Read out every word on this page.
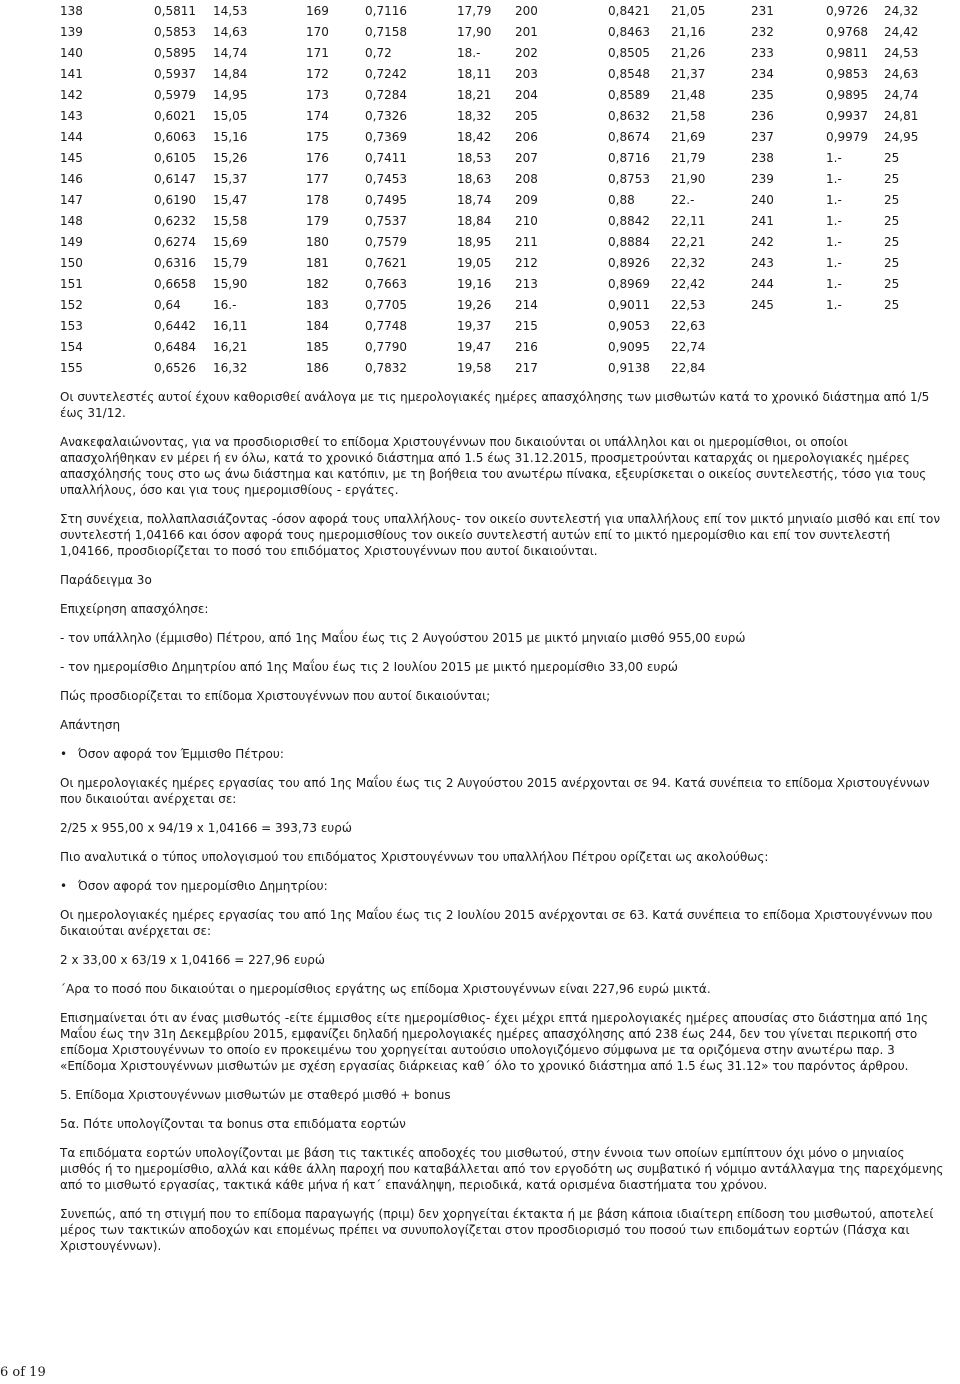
138	0,5811	14,53	169	0,7116	17,79	200	0,8421	21,05	231	0,9726	24,32
139	0,5853	14,63	170	0,7158	17,90	201	0,8463	21,16	232	0,9768	24,42
140	0,5895	14,74	171	0,72	18.-	202	0,8505	21,26	233	0,9811	24,53
141	0,5937	14,84	172	0,7242	18,11	203	0,8548	21,37	234	0,9853	24,63
142	0,5979	14,95	173	0,7284	18,21	204	0,8589	21,48	235	0,9895	24,74
143	0,6021	15,05	174	0,7326	18,32	205	0,8632	21,58	236	0,9937	24,81
144	0,6063	15,16	175	0,7369	18,42	206	0,8674	21,69	237	0,9979	24,95
145	0,6105	15,26	176	0,7411	18,53	207	0,8716	21,79	238	1.-	25
146	0,6147	15,37	177	0,7453	18,63	208	0,8753	21,90	239	1.-	25
147	0,6190	15,47	178	0,7495	18,74	209	0,88	22.-	240	1.-	25
148	0,6232	15,58	179	0,7537	18,84	210	0,8842	22,11	241	1.-	25
149	0,6274	15,69	180	0,7579	18,95	211	0,8884	22,21	242	1.-	25
150	0,6316	15,79	181	0,7621	19,05	212	0,8926	22,32	243	1.-	25
151	0,6658	15,90	182	0,7663	19,16	213	0,8969	22,42	244	1.-	25
152	0,64	16.-	183	0,7705	19,26	214	0,9011	22,53	245	1.-	25
153	0,6442	16,11	184	0,7748	19,37	215	0,9053	22,63			
154	0,6484	16,21	185	0,7790	19,47	216	0,9095	22,74			
155	0,6526	16,32	186	0,7832	19,58	217	0,9138	22,84			

Οι συντελεστές αυτοί έχουν καθορισθεί ανάλογα με τις ημερολογιακές ημέρες απασχόλησης των μισθωτών κατά το χρονικό διάστημα από 1/5 έως 31/12.

Ανακεφαλαιώνοντας, για να προσδιορισθεί το επίδομα Χριστουγέννων που δικαιούνται οι υπάλληλοι και οι ημερομίσθιοι, οι οποίοι απασχολήθηκαν εν μέρει ή εν όλω, κατά το χρονικό διάστημα από 1.5 έως 31.12.2015, προσμετρούνται καταρχάς οι ημερολογιακές ημέρες απασχόλησής τους στο ως άνω διάστημα και κατόπιν, με τη βοήθεια του ανωτέρω πίνακα, εξευρίσκεται ο οικείος συντελεστής, τόσο για τους υπαλλήλους, όσο και για τους ημερομισθίους - εργάτες.

Στη συνέχεια, πολλαπλασιάζοντας -όσον αφορά τους υπαλλήλους- τον οικείο συντελεστή για υπαλλήλους επί τον μικτό μηνιαίο μισθό και επί τον συντελεστή 1,04166 και όσον αφορά τους ημερομισθίους τον οικείο συντελεστή αυτών επί το μικτό ημερομίσθιο και επί τον συντελεστή 1,04166, προσδιορίζεται το ποσό του επιδόματος Χριστουγέννων που αυτοί δικαιούνται.

Παράδειγμα 3ο

Επιχείρηση απασχόλησε:

- τον υπάλληλο (έμμισθο) Πέτρου, από 1ης Μαΐου έως τις 2 Αυγούστου 2015 με μικτό μηνιαίο μισθό 955,00 ευρώ

- τον ημερομίσθιο Δημητρίου από 1ης Μαΐου έως τις 2 Ιουλίου 2015 με μικτό ημερομίσθιο 33,00 ευρώ

Πώς προσδιορίζεται το επίδομα Χριστουγέννων που αυτοί δικαιούνται;

Απάντηση

• Όσον αφορά τον Έμμισθο Πέτρου:

Οι ημερολογιακές ημέρες εργασίας του από 1ης Μαΐου έως τις 2 Αυγούστου 2015 ανέρχονται σε 94. Κατά συνέπεια το επίδομα Χριστουγέννων που δικαιούται ανέρχεται σε:

2/25 x 955,00 x 94/19 x 1,04166 = 393,73 ευρώ

Πιο αναλυτικά ο τύπος υπολογισμού του επιδόματος Χριστουγέννων του υπαλλήλου Πέτρου ορίζεται ως ακολούθως:

• Όσον αφορά τον ημερομίσθιο Δημητρίου:

Οι ημερολογιακές ημέρες εργασίας του από 1ης Μαΐου έως τις 2 Ιουλίου 2015 ανέρχονται σε 63. Κατά συνέπεια το επίδομα Χριστουγέννων που δικαιούται ανέρχεται σε:

2 x 33,00 x 63/19 x 1,04166 = 227,96 ευρώ

΄Αρα το ποσό που δικαιούται ο ημερομίσθιος εργάτης ως επίδομα Χριστουγέννων είναι 227,96 ευρώ μικτά.

Επισημαίνεται ότι αν ένας μισθωτός -είτε έμμισθος είτε ημερομίσθιος- έχει μέχρι επτά ημερολογιακές ημέρες απουσίας στο διάστημα από 1ης Μαΐου έως την 31η Δεκεμβρίου 2015, εμφανίζει δηλαδή ημερολογιακές ημέρες απασχόλησης από 238 έως 244, δεν του γίνεται περικοπή στο επίδομα Χριστουγέννων το οποίο εν προκειμένω του χορηγείται αυτούσιο υπολογιζόμενο σύμφωνα με τα οριζόμενα στην ανωτέρω παρ. 3 «Επίδομα Χριστουγέννων μισθωτών με σχέση εργασίας διάρκειας καθ΄ όλο το χρονικό διάστημα από 1.5 έως 31.12» του παρόντος άρθρου.

5. Επίδομα Χριστουγέννων μισθωτών με σταθερό μισθό + bonus

5α. Πότε υπολογίζονται τα bonus στα επιδόματα εορτών

Τα επιδόματα εορτών υπολογίζονται με βάση τις τακτικές αποδοχές του μισθωτού, στην έννοια των οποίων εμπίπτουν όχι μόνο ο μηνιαίος μισθός ή το ημερομίσθιο, αλλά και κάθε άλλη παροχή που καταβάλλεται από τον εργοδότη ως συμβατικό ή νόμιμο αντάλλαγμα της παρεχόμενης από το μισθωτό εργασίας, τακτικά κάθε μήνα ή κατ΄ επανάληψη, περιοδικά, κατά ορισμένα διαστήματα του χρόνου.

Συνεπώς, από τη στιγμή που το επίδομα παραγωγής (πριμ) δεν χορηγείται έκτακτα ή με βάση κάποια ιδιαίτερη επίδοση του μισθωτού, αποτελεί μέρος των τακτικών αποδοχών και επομένως πρέπει να συνυπολογίζεται στον προσδιορισμό του ποσού των επιδομάτων εορτών (Πάσχα και Χριστουγέννων).

6 of 19
